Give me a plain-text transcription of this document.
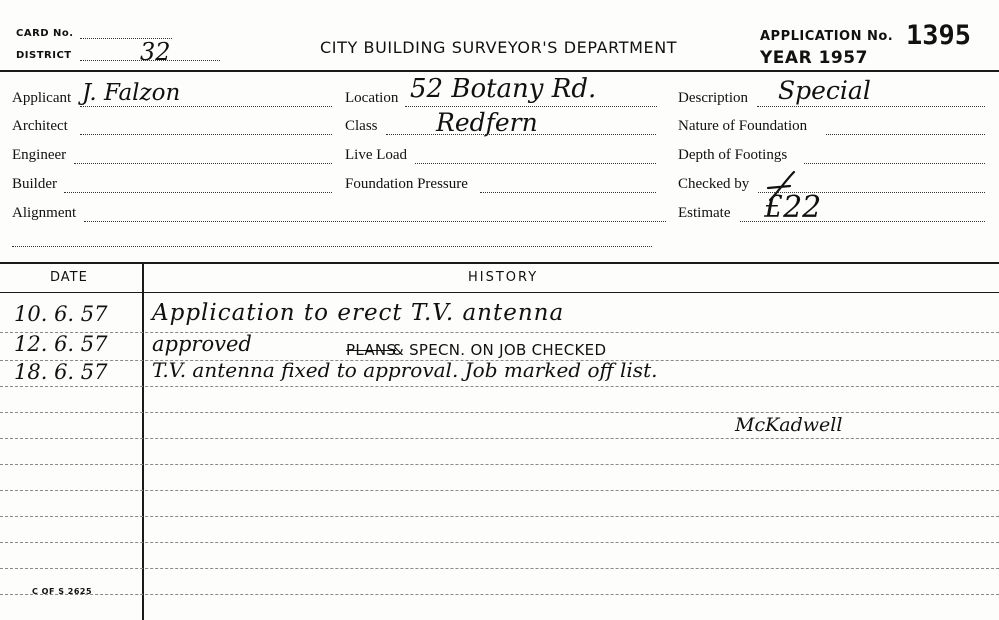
CARD No.
DISTRICT	32	CITY BUILDING SURVEYOR'S DEPARTMENT
APPLICATION No.
YEAR 1957
1395
Applicant J. Falzon
Architect
Engineer
Builder
Alignment
Location 52 Botany Rd.
Class Redfern
Live Load
Foundation Pressure
Description Special
Nature of Foundation
Depth of Footings
Checked by
Estimate £22
DATE	HISTORY
10. 6. 57 Application to erect T.V. antenna
12. 6. 57 approved	PLANS
& SPECN. ON JOB CHECKED
18. 6. 57 T.V. antenna fixed to approval. Job marked off list.
McKadwell
C OF S 2625
